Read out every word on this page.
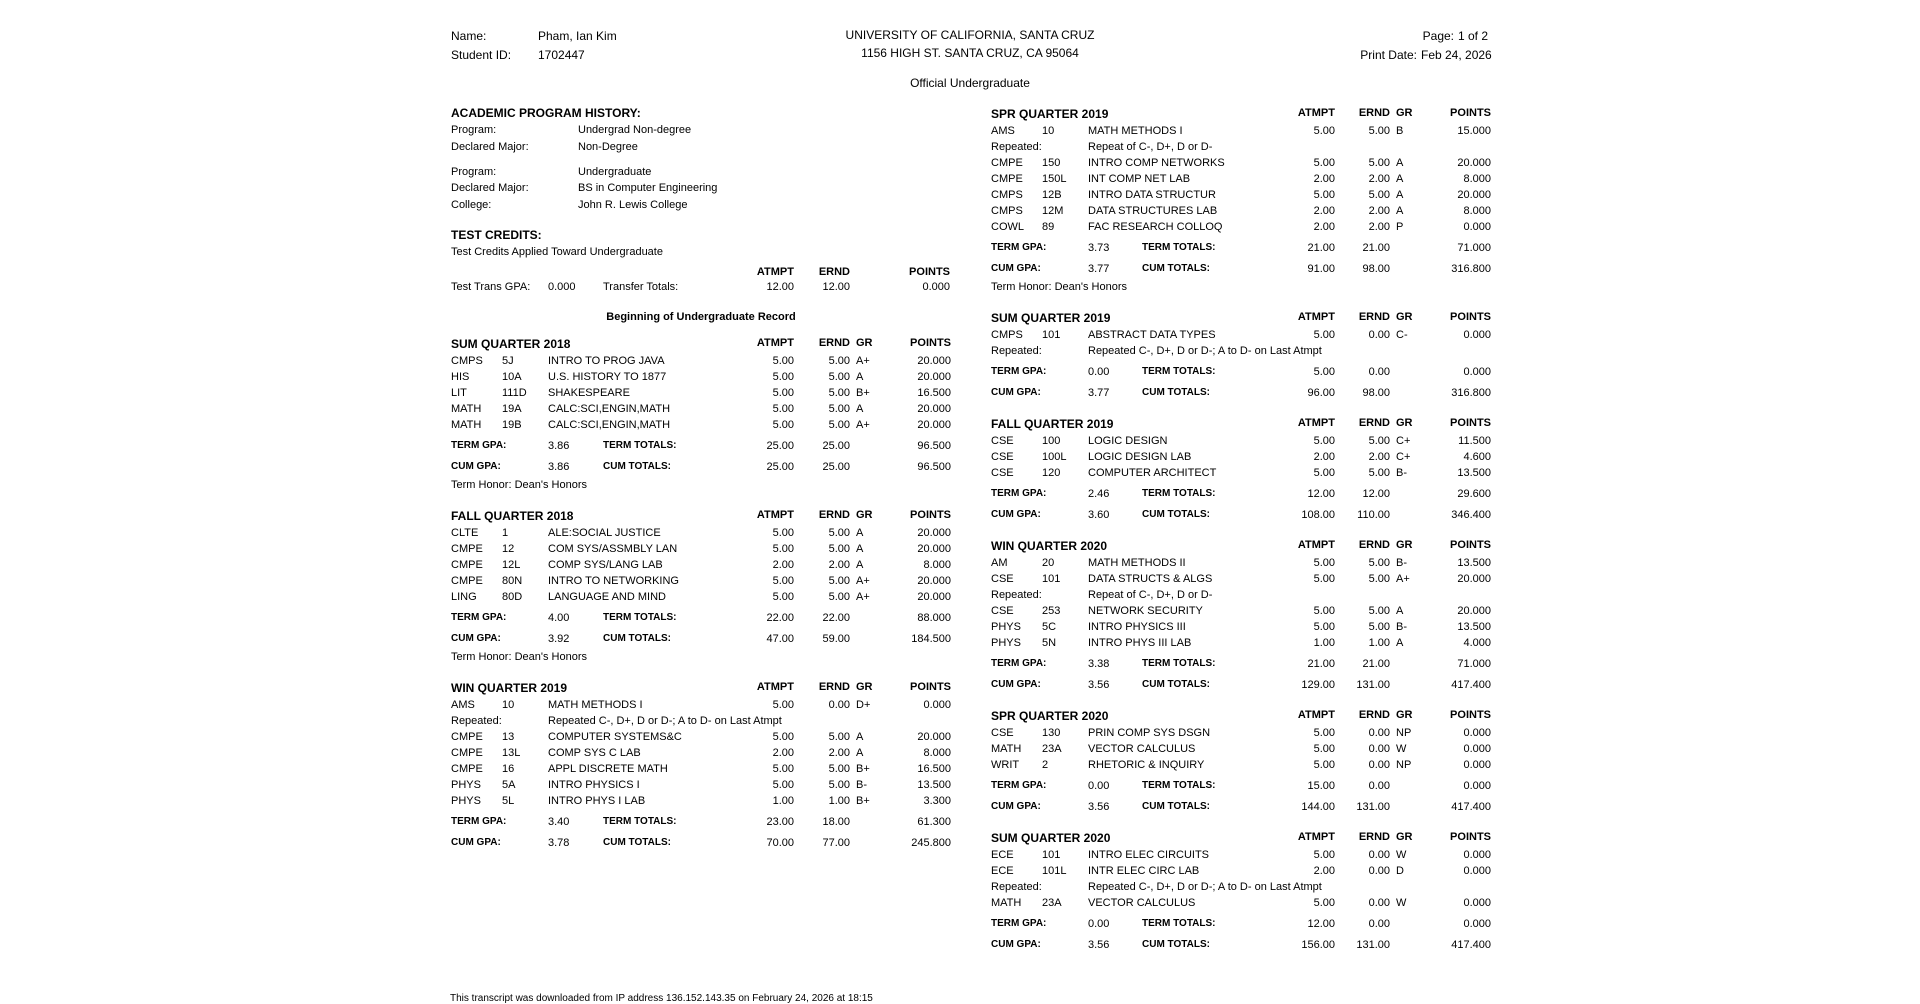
Name:	Pham, Ian Kim
Student ID: 1702447
UNIVERSITY OF CALIFORNIA, SANTA CRUZ
1156 HIGH ST. SANTA CRUZ, CA 95064
Official Undergraduate
Page: 1 of 2
Print Date: Feb 24, 2026
ACADEMIC PROGRAM HISTORY:
Program:	Undergrad Non-degree
Declared Major:	Non-Degree
Program:	Undergraduate
Declared Major:	BS in Computer Engineering
College:	John R. Lewis College
TEST CREDITS:
Test Credits Applied Toward Undergraduate
ATMPT	ERND	POINTS
Test Trans GPA: 0.000 Transfer Totals:	12.00	12.00	0.000
Beginning of Undergraduate Record
SUM QUARTER 2018	ATMPT	ERND GR	POINTS
CMPS 5J	INTRO TO PROG JAVA	5.00	5.00 A+	20.000
HIS	10A U.S. HISTORY TO 1877	5.00	5.00 A	20.000
LIT	111D SHAKESPEARE	5.00	5.00 B+	16.500
MATH 19A CALC:SCI,ENGIN,MATH	5.00	5.00 A	20.000
MATH 19B CALC:SCI,ENGIN,MATH	5.00	5.00 A+	20.000
TERM GPA:	3.86	TERM TOTALS:	25.00	25.00	96.500
CUM GPA:	3.86	CUM TOTALS:	25.00	25.00	96.500
Term Honor: Dean's Honors
FALL QUARTER 2018	ATMPT	ERND GR	POINTS
CLTE 1	ALE:SOCIAL JUSTICE	5.00	5.00 A	20.000
CMPE 12	COM SYS/ASSMBLY LAN	5.00	5.00 A	20.000
CMPE 12L	COMP SYS/LANG LAB	2.00	2.00 A	8.000
CMPE 80N INTRO TO NETWORKING	5.00	5.00 A+	20.000
LING 80D LANGUAGE AND MIND	5.00	5.00 A+	20.000
TERM GPA:	4.00	TERM TOTALS:	22.00	22.00	88.000
CUM GPA:	3.92	CUM TOTALS:	47.00	59.00	184.500
Term Honor: Dean's Honors
WIN QUARTER 2019	ATMPT	ERND GR	POINTS
AMS 10	MATH METHODS I	5.00	0.00 D+	0.000
Repeated:	Repeated C-, D+, D or D-; A to D- on Last Atmpt
CMPE 13	COMPUTER SYSTEMS&C	5.00	5.00 A	20.000
CMPE 13L	COMP SYS C LAB	2.00	2.00 A	8.000
CMPE 16	APPL DISCRETE MATH	5.00	5.00 B+	16.500
PHYS 5A	INTRO PHYSICS I	5.00	5.00 B-	13.500
PHYS 5L	INTRO PHYS I LAB	1.00	1.00 B+	3.300
TERM GPA:	3.40	TERM TOTALS:	23.00	18.00	61.300
CUM GPA:	3.78	CUM TOTALS:	70.00	77.00	245.800
SPR QUARTER 2019	ATMPT	ERND GR	POINTS
AMS 10	MATH METHODS I	5.00	5.00 B	15.000
Repeated:	Repeat of C-, D+, D or D-
CMPE 150	INTRO COMP NETWORKS	5.00	5.00 A	20.000
CMPE 150L INT COMP NET LAB	2.00	2.00 A	8.000
CMPS 12B INTRO DATA STRUCTUR	5.00	5.00 A	20.000
CMPS 12M DATA STRUCTURES LAB	2.00	2.00 A	8.000
COWL 89	FAC RESEARCH COLLOQ	2.00	2.00 P	0.000
TERM GPA:	3.73	TERM TOTALS:	21.00	21.00	71.000
CUM GPA:	3.77	CUM TOTALS:	91.00	98.00	316.800
Term Honor: Dean's Honors
SUM QUARTER 2019	ATMPT	ERND GR	POINTS
CMPS 101	ABSTRACT DATA TYPES	5.00	0.00 C-	0.000
Repeated:	Repeated C-, D+, D or D-; A to D- on Last Atmpt
TERM GPA:	0.00	TERM TOTALS:	5.00	0.00	0.000
CUM GPA:	3.77	CUM TOTALS:	96.00	98.00	316.800
FALL QUARTER 2019	ATMPT	ERND GR	POINTS
CSE	100	LOGIC DESIGN	5.00	5.00 C+	11.500
CSE	100L LOGIC DESIGN LAB	2.00	2.00 C+	4.600
CSE	120	COMPUTER ARCHITECT	5.00	5.00 B-	13.500
TERM GPA:	2.46	TERM TOTALS:	12.00	12.00	29.600
CUM GPA:	3.60	CUM TOTALS:	108.00	110.00	346.400
WIN QUARTER 2020	ATMPT	ERND GR	POINTS
AM	20	MATH METHODS II	5.00	5.00 B-	13.500
CSE	101	DATA STRUCTS & ALGS	5.00	5.00 A+	20.000
Repeated:	Repeat of C-, D+, D or D-
CSE	253	NETWORK SECURITY	5.00	5.00 A	20.000
PHYS 5C	INTRO PHYSICS III	5.00	5.00 B-	13.500
PHYS 5N	INTRO PHYS III LAB	1.00	1.00 A	4.000
TERM GPA:	3.38	TERM TOTALS:	21.00	21.00	71.000
CUM GPA:	3.56	CUM TOTALS:	129.00	131.00	417.400
SPR QUARTER 2020	ATMPT	ERND GR	POINTS
CSE	130	PRIN COMP SYS DSGN	5.00	0.00 NP	0.000
MATH 23A VECTOR CALCULUS	5.00	0.00 W	0.000
WRIT 2	RHETORIC & INQUIRY	5.00	0.00 NP	0.000
TERM GPA:	0.00	TERM TOTALS:	15.00	0.00	0.000
CUM GPA:	3.56	CUM TOTALS:	144.00	131.00	417.400
SUM QUARTER 2020	ATMPT	ERND GR	POINTS
ECE	101	INTRO ELEC CIRCUITS	5.00	0.00 W	0.000
ECE	101L INTR ELEC CIRC LAB	2.00	0.00 D	0.000
Repeated:	Repeated C-, D+, D or D-; A to D- on Last Atmpt
MATH 23A VECTOR CALCULUS	5.00	0.00 W	0.000
TERM GPA:	0.00	TERM TOTALS:	12.00	0.00	0.000
CUM GPA:	3.56	CUM TOTALS:	156.00	131.00	417.400
This transcript was downloaded from IP address 136.152.143.35 on February 24, 2026 at 18:15
